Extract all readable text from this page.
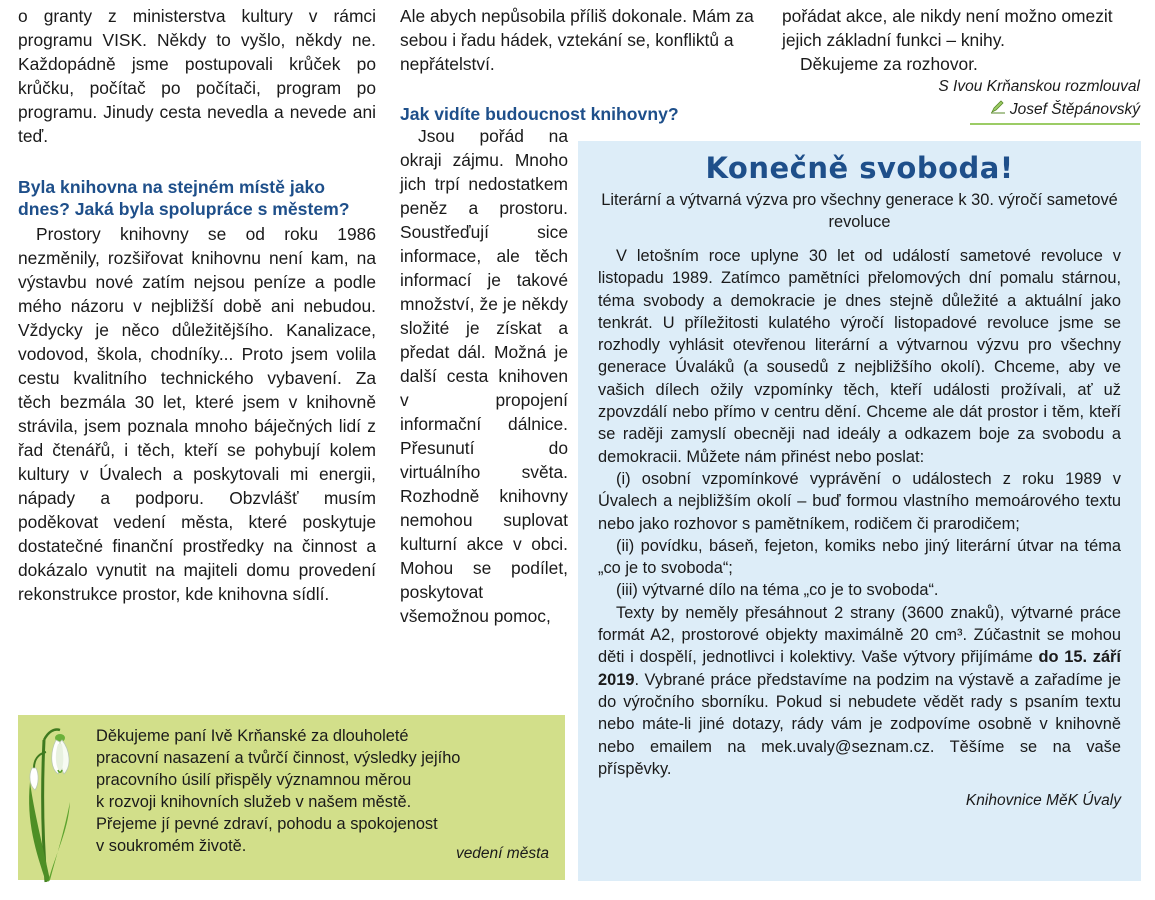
o granty z ministerstva kultury v rámci programu VISK. Někdy to vyšlo, někdy ne. Každopádně jsme postupovali krůček po krůčku, počítač po počítači, program po programu. Jinudy cesta nevedla a nevede ani teď.

Byla knihovna na stejném místě jako dnes? Jaká byla spolupráce s městem?

Prostory knihovny se od roku 1986 nezměnily, rozšiřovat knihovnu není kam, na výstavbu nové zatím nejsou peníze a podle mého názoru v nejbližší době ani nebudou. Vždycky je něco důležitějšího. Kanalizace, vodovod, škola, chodníky... Proto jsem volila cestu kvalitního technického vybavení. Za těch bezmála 30 let, které jsem v knihovně strávila, jsem poznala mnoho báječných lidí z řad čtenářů, i těch, kteří se pohybují kolem kultury v Úvalech a poskytovali mi energii, nápady a podporu. Obzvlášť musím poděkovat vedení města, které poskytuje dostatečné finanční prostředky na činnost a dokázalo vynutit na majiteli domu provedení rekonstrukce prostor, kde knihovna sídlí.

Ale abych nepůsobila příliš dokonale. Mám za sebou i řadu hádek, vztekání se, konfliktů a nepřátelství.

Jak vidíte budoucnost knihovny?

Jsou pořád na okraji zájmu. Mnoho jich trpí nedostatkem peněz a prostoru. Soustřeďují sice informace, ale těch informací je takové množství, že je někdy složité je získat a předat dál. Možná je další cesta knihoven v propojení informační dálnice. Přesunutí do virtuálního světa. Rozhodně knihovny nemohou suplovat kulturní akce v obci. Mohou se podílet, poskytovat všemožnou pomoc,

pořádat akce, ale nikdy není možno omezit jejich základní funkci – knihy.

Děkujeme za rozhovor.

S Ivou Krňanskou rozmlouval
Josef Štěpánovský
Konečně svoboda!
Literární a výtvarná výzva pro všechny generace k 30. výročí sametové revoluce

V letošním roce uplyne 30 let od událostí sametové revoluce v listopadu 1989. Zatímco pamětníci přelomových dní pomalu stárnou, téma svobody a demokracie je dnes stejně důležité a aktuální jako tenkrát. U příležitosti kulatého výročí listopadové revoluce jsme se rozhodly vyhlásit otevřenou literární a výtvarnou výzvu pro všechny generace Úvaláků (a sousedů z nejbližšího okolí). Chceme, aby ve vašich dílech ožily vzpomínky těch, kteří události prožívali, ať už zpovzdálí nebo přímo v centru dění. Chceme ale dát prostor i těm, kteří se raději zamyslí obecněji nad ideály a odkazem boje za svobodu a demokracii. Můžete nám přinést nebo poslat:

(i) osobní vzpomínkové vyprávění o událostech z roku 1989 v Úvalech a nejbližším okolí – buď formou vlastního memoárového textu nebo jako rozhovor s pamětníkem, rodičem či prarodičem;

(ii) povídku, báseň, fejeton, komiks nebo jiný literární útvar na téma „co je to svoboda“;

(iii) výtvarné dílo na téma „co je to svoboda“.

Texty by neměly přesáhnout 2 strany (3600 znaků), výtvarné práce formát A2, prostorové objekty maximálně 20 cm³. Zúčastnit se mohou děti i dospělí, jednotlivci i kolektivy. Vaše výtvory přijímáme do 15. září 2019. Vybrané práce představíme na podzim na výstavě a zařadíme je do výročního sborníku. Pokud si nebudete vědět rady s psaním textu nebo máte-li jiné dotazy, rády vám je zodpovíme osobně v knihovně nebo emailem na mek.uvaly@seznam.cz. Těšíme se na vaše příspěvky.

Knihovnice MěK Úvaly
Děkujeme paní Ivě Krňanské za dlouholeté
pracovní nasazení a tvůrčí činnost, výsledky jejího
pracovního úsilí přispěly významnou měrou
k rozvoji knihovních služeb v našem městě.
Přejeme jí pevné zdraví, pohodu a spokojenost
v soukromém životě.	vedení města
